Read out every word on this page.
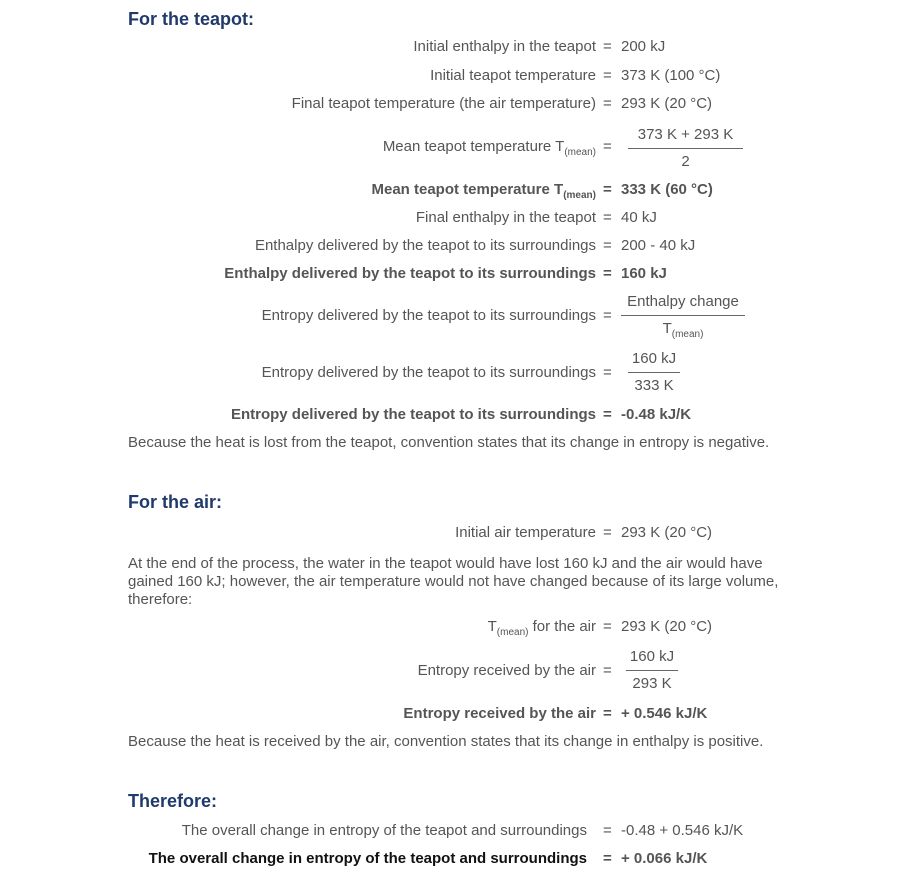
For the teapot:
Initial enthalpy in the teapot = 200 kJ
Initial teapot temperature = 373 K (100 °C)
Final teapot temperature (the air temperature) = 293 K (20 °C)
Mean teapot temperature $T_{(mean)}$ =
373 K + 293 K
2
Mean teapot temperature $T_{(mean)} = 333$ K (60 °C)
Final enthalpy in the teapot = 40 kJ
Enthalpy delivered by the teapot to its surroundings = 200 - 40 kJ
Enthalpy delivered by the teapot to its surroundings = 160 kJ
Entropy delivered by the teapot to its surroundings =
Enthalpy change
$T_{(mean)}$
Entropy delivered by the teapot to its surroundings =
160 kJ
333 K
Entropy delivered by the teapot to its surroundings = -0.48 kJ/K

Because the heat is lost from the teapot, convention states that its change in entropy is negative.

For the air:
Initial air temperature = 293 K (20 °C)

At the end of the process, the water in the teapot would have lost 160 kJ and the air would have gained 160 kJ; however, the air temperature would not have changed because of its large volume, therefore:

$T_{(mean)}$ for the air = 293 K (20 °C)
Entropy received by the air =
160 kJ
293 K
Entropy received by the air = + 0.546 kJ/K

Because the heat is received by the air, convention states that its change in enthalpy is positive.

Therefore:
The overall change in entropy of the teapot and surroundings = -0.48 + 0.546 kJ/K
The overall change in entropy of the teapot and surroundings = + 0.066 kJ/K
